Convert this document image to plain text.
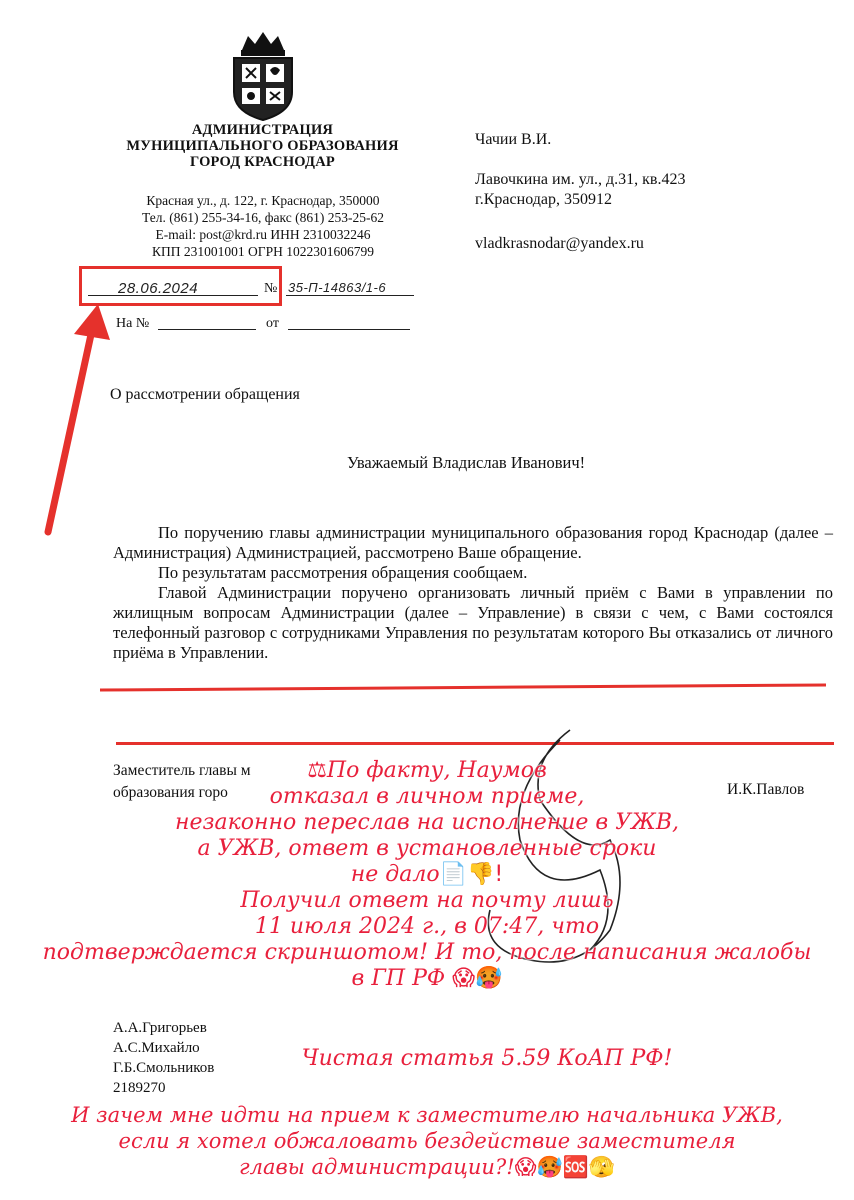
АДМИНИСТРАЦИЯ
МУНИЦИПАЛЬНОГО ОБРАЗОВАНИЯ
ГОРОД КРАСНОДАР
Красная ул., д. 122, г. Краснодар, 350000
Тел. (861) 255-34-16, факс (861) 253-25-62
E-mail: post@krd.ru ИНН 2310032246
КПП 231001001 ОГРН 1022301606799
28.06.2024	№ 35-П-14863/1-6
На №	от
Чачии В.И.
Лавочкина им. ул., д.31, кв.423
г.Краснодар, 350912
vladkrasnodar@yandex.ru
О рассмотрении обращения
Уважаемый Владислав Иванович!

По поручению главы администрации муниципального образования город Краснодар (далее – Администрация) Администрацией, рассмотрено Ваше обращение.

По результатам рассмотрения обращения сообщаем.

Главой Администрации поручено организовать личный приём с Вами в управлении по жилищным вопросам Администрации (далее – Управление) в связи с чем, с Вами состоялся телефонный разговор с сотрудниками Управления по результатам которого Вы отказались от личного приёма в Управлении.

Заместитель главы м
образования горо	И.К.Павлов
А.А.Григорьев
А.С.Михайло
Г.Б.Смольников
2189270
⚖По факту, Наумов
отказал в личном приеме,
незаконно переслав на исполнение в УЖВ,
а УЖВ, ответ в установленные сроки
не дало📄👎!
Получил ответ на почту лишь
11 июля 2024 г., в 07:47, что
подтверждается скриншотом! И то, после написания жалобы
в ГП РФ 😱🥵
Чистая статья 5.59 КоАП РФ!
И зачем мне идти на прием к заместителю начальника УЖВ,
если я хотел обжаловать бездействие заместителя
главы администрации?!😱🥵🆘🫣
